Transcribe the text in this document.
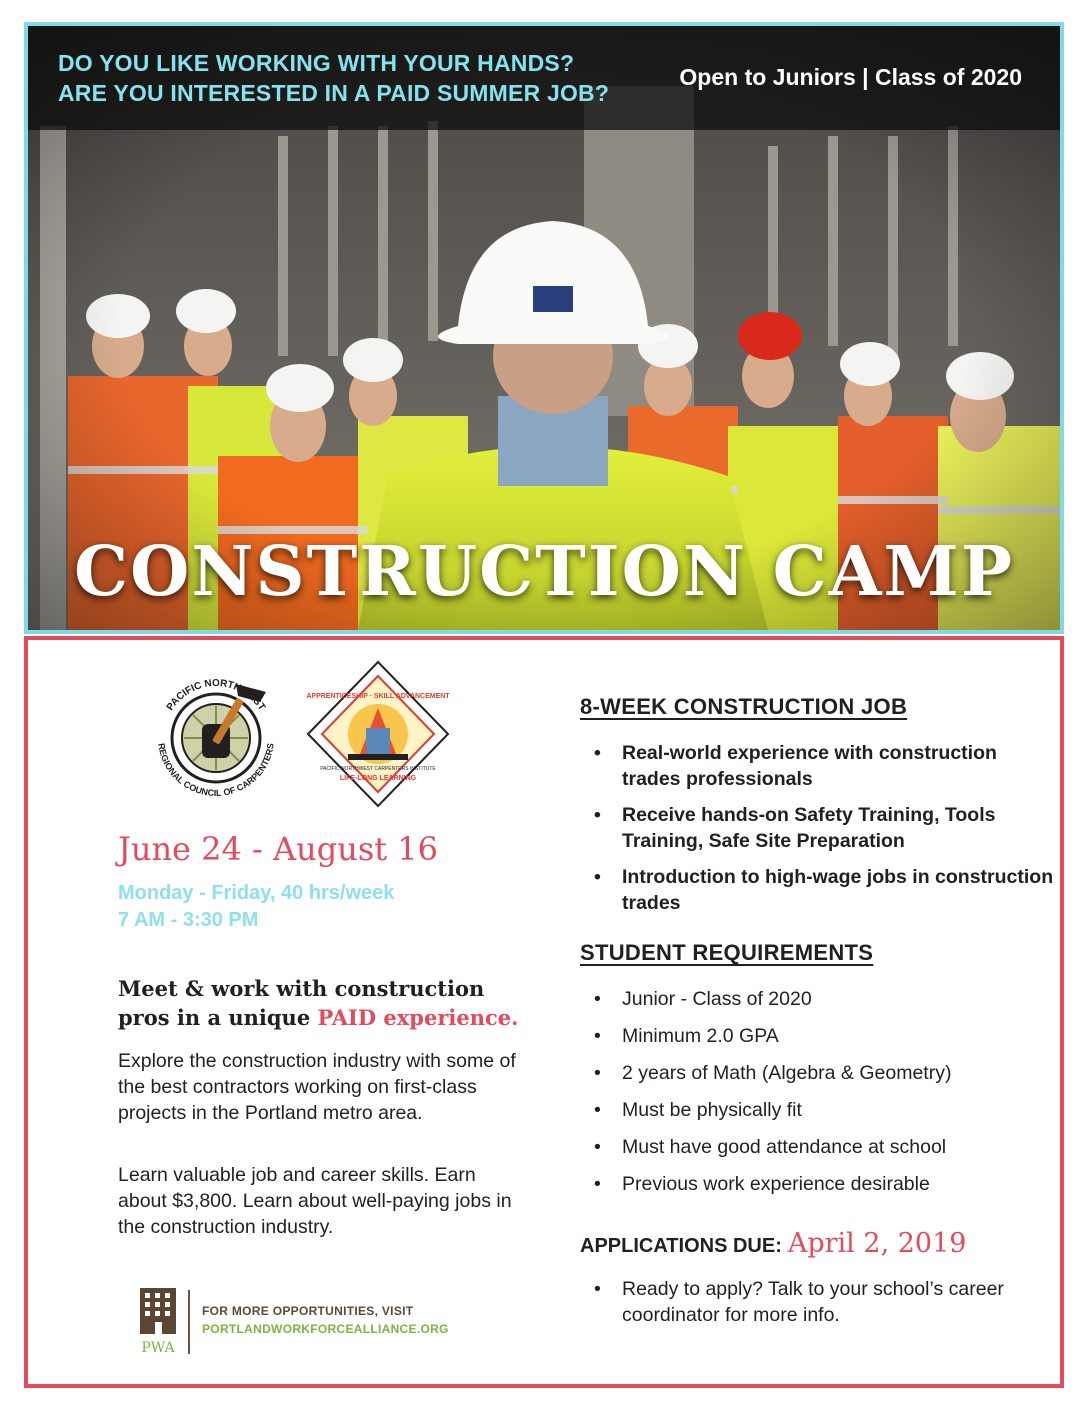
DO YOU LIKE WORKING WITH YOUR HANDS?
ARE YOU INTERESTED IN A PAID SUMMER JOB?
Open to Juniors | Class of 2020
CONSTRUCTION CAMP
PACIFIC NORTHWEST
REGIONAL COUNCIL OF CARPENTERS
APPRENTICESHIP · SKILL ADVANCEMENT
LIFE-LONG LEARNING
PACIFIC NORTHWEST CARPENTERS INSTITUTE
June 24 - August 16
Monday - Friday, 40 hrs/week
7 AM - 3:30 PM
Meet & work with construction
pros in a unique PAID experience.

Explore the construction industry with some of the best contractors working on first-class projects in the Portland metro area.

Learn valuable job and career skills. Earn about $3,800. Learn about well-paying jobs in the construction industry.

PWA
FOR MORE OPPORTUNITIES, VISIT
PORTLANDWORKFORCEALLIANCE.ORG
8-WEEK CONSTRUCTION JOB
• Real-world experience with construction trades professionals
• Receive hands-on Safety Training, Tools Training, Safe Site Preparation
• Introduction to high-wage jobs in construction trades
STUDENT REQUIREMENTS
• Junior - Class of 2020
• Minimum 2.0 GPA
• 2 years of Math (Algebra & Geometry)
• Must be physically fit
• Must have good attendance at school
• Previous work experience desirable
APPLICATIONS DUE: April 2, 2019
• Ready to apply? Talk to your school’s career coordinator for more info.
